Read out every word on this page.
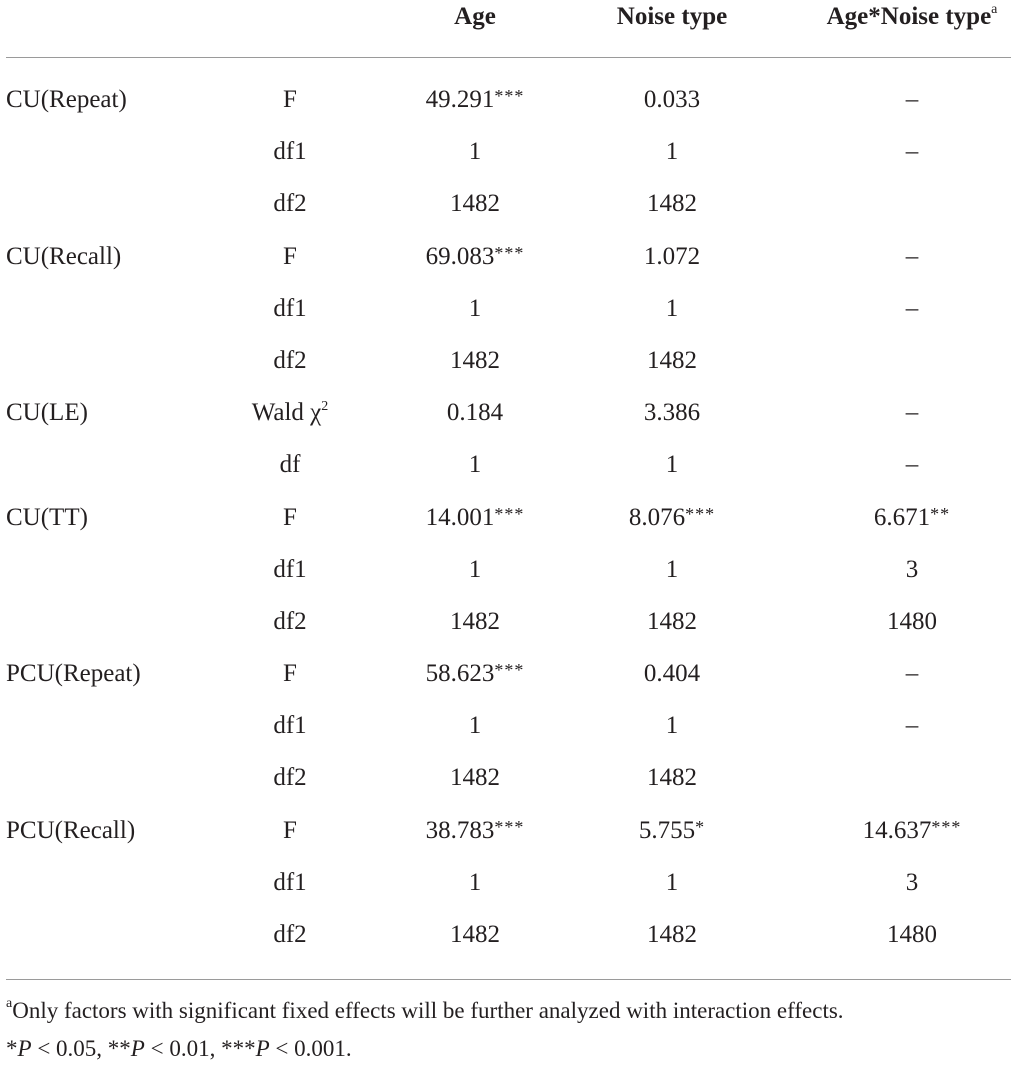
Age	Noise type	Age*Noise type$^a$
CU(Repeat)	F	49.291***	0.033	–
df1	1	1	–
df2	1482	1482
CU(Recall)	F	69.083***	1.072	–
df1	1	1	–
df2	1482	1482
CU(LE)	Wald $\chi^2$	0.184	3.386	–
df	1	1	–
CU(TT)	F	14.001***	8.076***	6.671**
df1	1	1	3
df2	1482	1482	1480
PCU(Repeat)	F	58.623***	0.404	–
df1	1	1	–
df2	1482	1482
PCU(Recall)	F	38.783***	5.755*	14.637***
df1	1	1	3
df2	1482	1482	1480
$^a$Only factors with significant fixed effects will be further analyzed with interaction effects.
*P < 0.05, **P < 0.01, ***P < 0.001.
